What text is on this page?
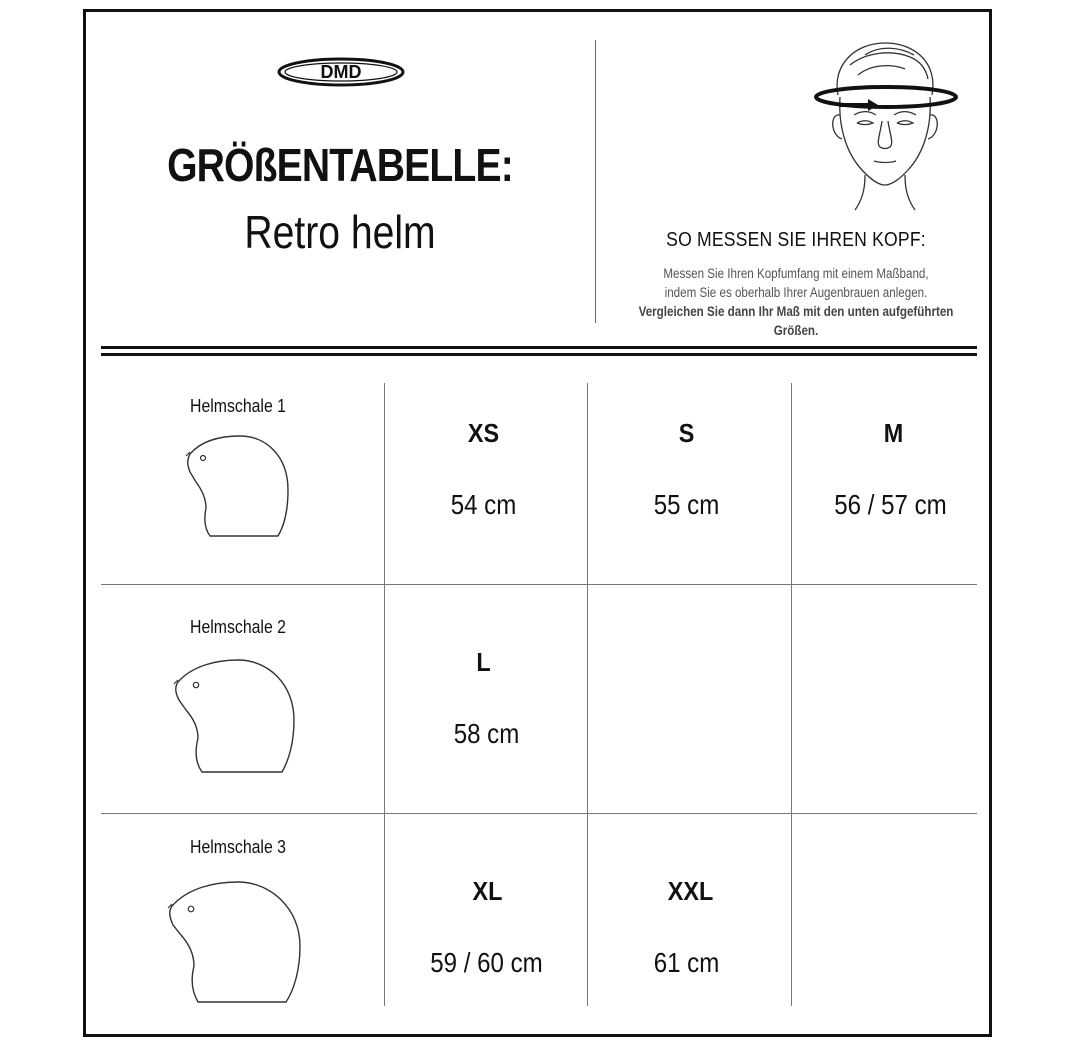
DMD
GRÖßENTABELLE:
Retro helm	SO MESSEN SIE IHREN KOPF:
Messen Sie Ihren Kopfumfang mit einem Maßband,
indem Sie es oberhalb Ihrer Augenbrauen anlegen.
Vergleichen Sie dann Ihr Maß mit den unten aufgeführten Größen.
Helmschale 1
XS
54 cm
S
55 cm
M
56 / 57 cm
Helmschale 2
L
58 cm
Helmschale 3
XL
59 / 60 cm
XXL
61 cm
